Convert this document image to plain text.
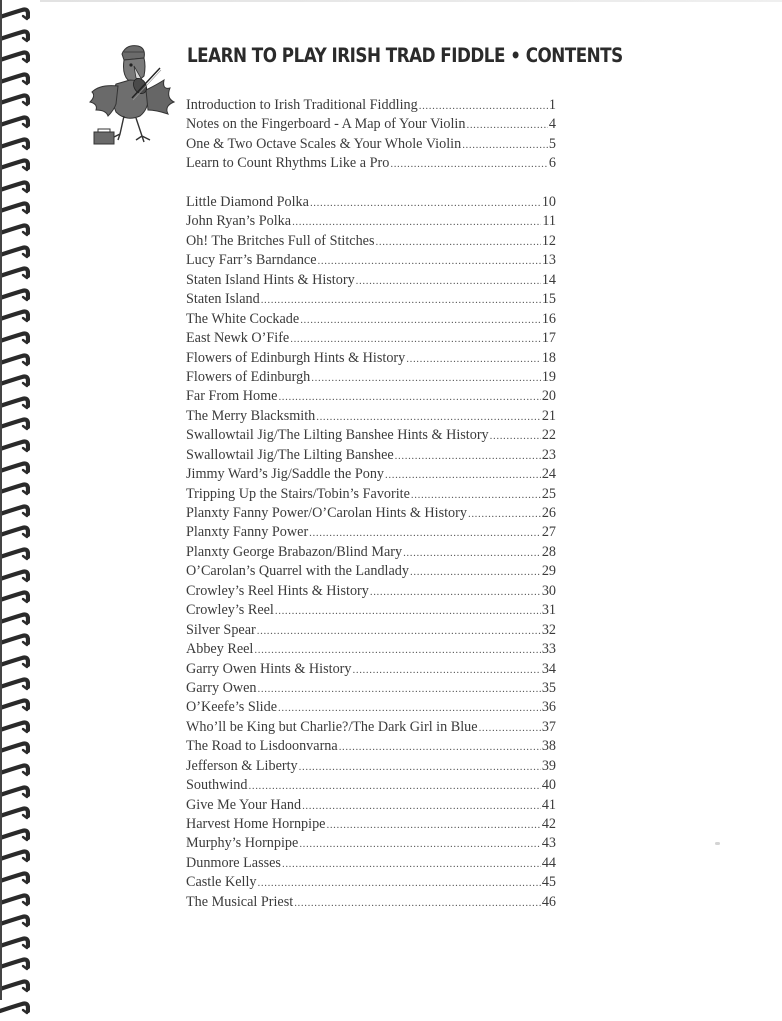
LEARN TO PLAY IRISH TRAD FIDDLE • CONTENTS
Introduction to Irish Traditional Fiddling .....	1
Notes on the Fingerboard - A Map of Your Violin .....	4
One & Two Octave Scales & Your Whole Violin .....	5
Learn to Count Rhythms Like a Pro .....	6
Little Diamond Polka .....	10
John Ryan’s Polka .....	11
Oh! The Britches Full of Stitches .....	12
Lucy Farr’s Barndance .....	13
Staten Island Hints & History .....	14
Staten Island .....	15
The White Cockade .....	16
East Newk O’Fife .....	17
Flowers of Edinburgh Hints & History .....	18
Flowers of Edinburgh .....	19
Far From Home .....	20
The Merry Blacksmith .....	21
Swallowtail Jig/The Lilting Banshee Hints & History .....	22
Swallowtail Jig/The Lilting Banshee .....	23
Jimmy Ward’s Jig/Saddle the Pony .....	24
Tripping Up the Stairs/Tobin’s Favorite .....	25
Planxty Fanny Power/O’Carolan Hints & History .....	26
Planxty Fanny Power .....	27
Planxty George Brabazon/Blind Mary .....	28
O’Carolan’s Quarrel with the Landlady .....	29
Crowley’s Reel Hints & History .....	30
Crowley’s Reel .....	31
Silver Spear .....	32
Abbey Reel .....	33
Garry Owen Hints & History .....	34
Garry Owen .....	35
O’Keefe’s Slide .....	36
Who’ll be King but Charlie?/The Dark Girl in Blue .....	37
The Road to Lisdoonvarna .....	38
Jefferson & Liberty .....	39
Southwind .....	40
Give Me Your Hand .....	41
Harvest Home Hornpipe .....	42
Murphy’s Hornpipe .....	43
Dunmore Lasses .....	44
Castle Kelly .....	45
The Musical Priest .....	46
